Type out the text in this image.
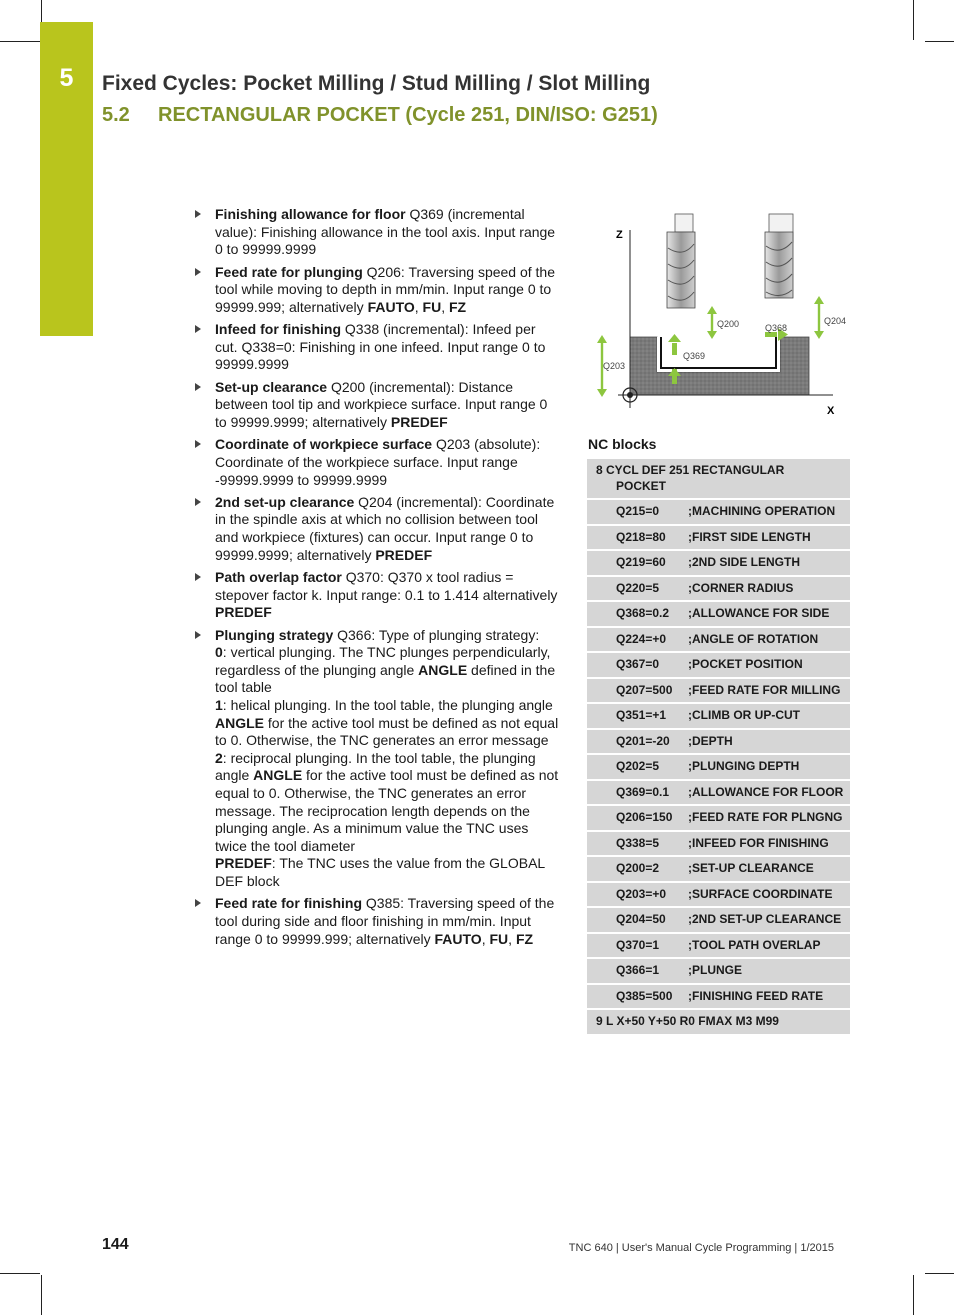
5	Fixed Cycles: Pocket Milling / Stud Milling / Slot Milling
5.2 RECTANGULAR POCKET (Cycle 251, DIN/ISO: G251)
Finishing allowance for floor Q369 (incremental value): Finishing allowance in the tool axis. Input range 0 to 99999.9999
Feed rate for plunging Q206: Traversing speed of the tool while moving to depth in mm/min. Input range 0 to 99999.999; alternatively FAUTO, FU, FZ
Infeed for finishing Q338 (incremental): Infeed per cut. Q338=0: Finishing in one infeed. Input range 0 to 99999.9999
Set-up clearance Q200 (incremental): Distance between tool tip and workpiece surface. Input range 0 to 99999.9999; alternatively PREDEF
Coordinate of workpiece surface Q203 (absolute): Coordinate of the workpiece surface. Input range -99999.9999 to 99999.9999
2nd set-up clearance Q204 (incremental): Coordinate in the spindle axis at which no collision between tool and workpiece (fixtures) can occur. Input range 0 to 99999.9999; alternatively PREDEF
Path overlap factor Q370: Q370 x tool radius = stepover factor k. Input range: 0.1 to 1.414 alternatively PREDEF
Plunging strategy Q366: Type of plunging strategy:
0: vertical plunging. The TNC plunges perpendicularly, regardless of the plunging angle ANGLE defined in the tool table
1: helical plunging. In the tool table, the plunging angle ANGLE for the active tool must be defined as not equal to 0. Otherwise, the TNC generates an error message
2: reciprocal plunging. In the tool table, the plunging angle ANGLE for the active tool must be defined as not equal to 0. Otherwise, the TNC generates an error message. The reciprocation length depends on the plunging angle. As a minimum value the TNC uses twice the tool diameter
PREDEF: The TNC uses the value from the GLOBAL DEF block
Feed rate for finishing Q385: Traversing speed of the tool during side and floor finishing in mm/min. Input range 0 to 99999.999; alternatively FAUTO, FU, FZ
Z
X
Q200	Q368
Q204
Q203
Q369
NC blocks
8 CYCL DEF 251 RECTANGULAR
POCKET
Q215=0	;MACHINING OPERATION
Q218=80	;FIRST SIDE LENGTH
Q219=60	;2ND SIDE LENGTH
Q220=5	;CORNER RADIUS
Q368=0.2	;ALLOWANCE FOR SIDE
Q224=+0	;ANGLE OF ROTATION
Q367=0	;POCKET POSITION
Q207=500	;FEED RATE FOR MILLING
Q351=+1	;CLIMB OR UP-CUT
Q201=-20	;DEPTH
Q202=5	;PLUNGING DEPTH
Q369=0.1	;ALLOWANCE FOR FLOOR
Q206=150	;FEED RATE FOR PLNGNG
Q338=5	;INFEED FOR FINISHING
Q200=2	;SET-UP CLEARANCE
Q203=+0	;SURFACE COORDINATE
Q204=50	;2ND SET-UP CLEARANCE
Q370=1	;TOOL PATH OVERLAP
Q366=1	;PLUNGE
Q385=500	;FINISHING FEED RATE
9 L X+50 Y+50 R0 FMAX M3 M99
144	TNC 640 | User's Manual Cycle Programming | 1/2015
